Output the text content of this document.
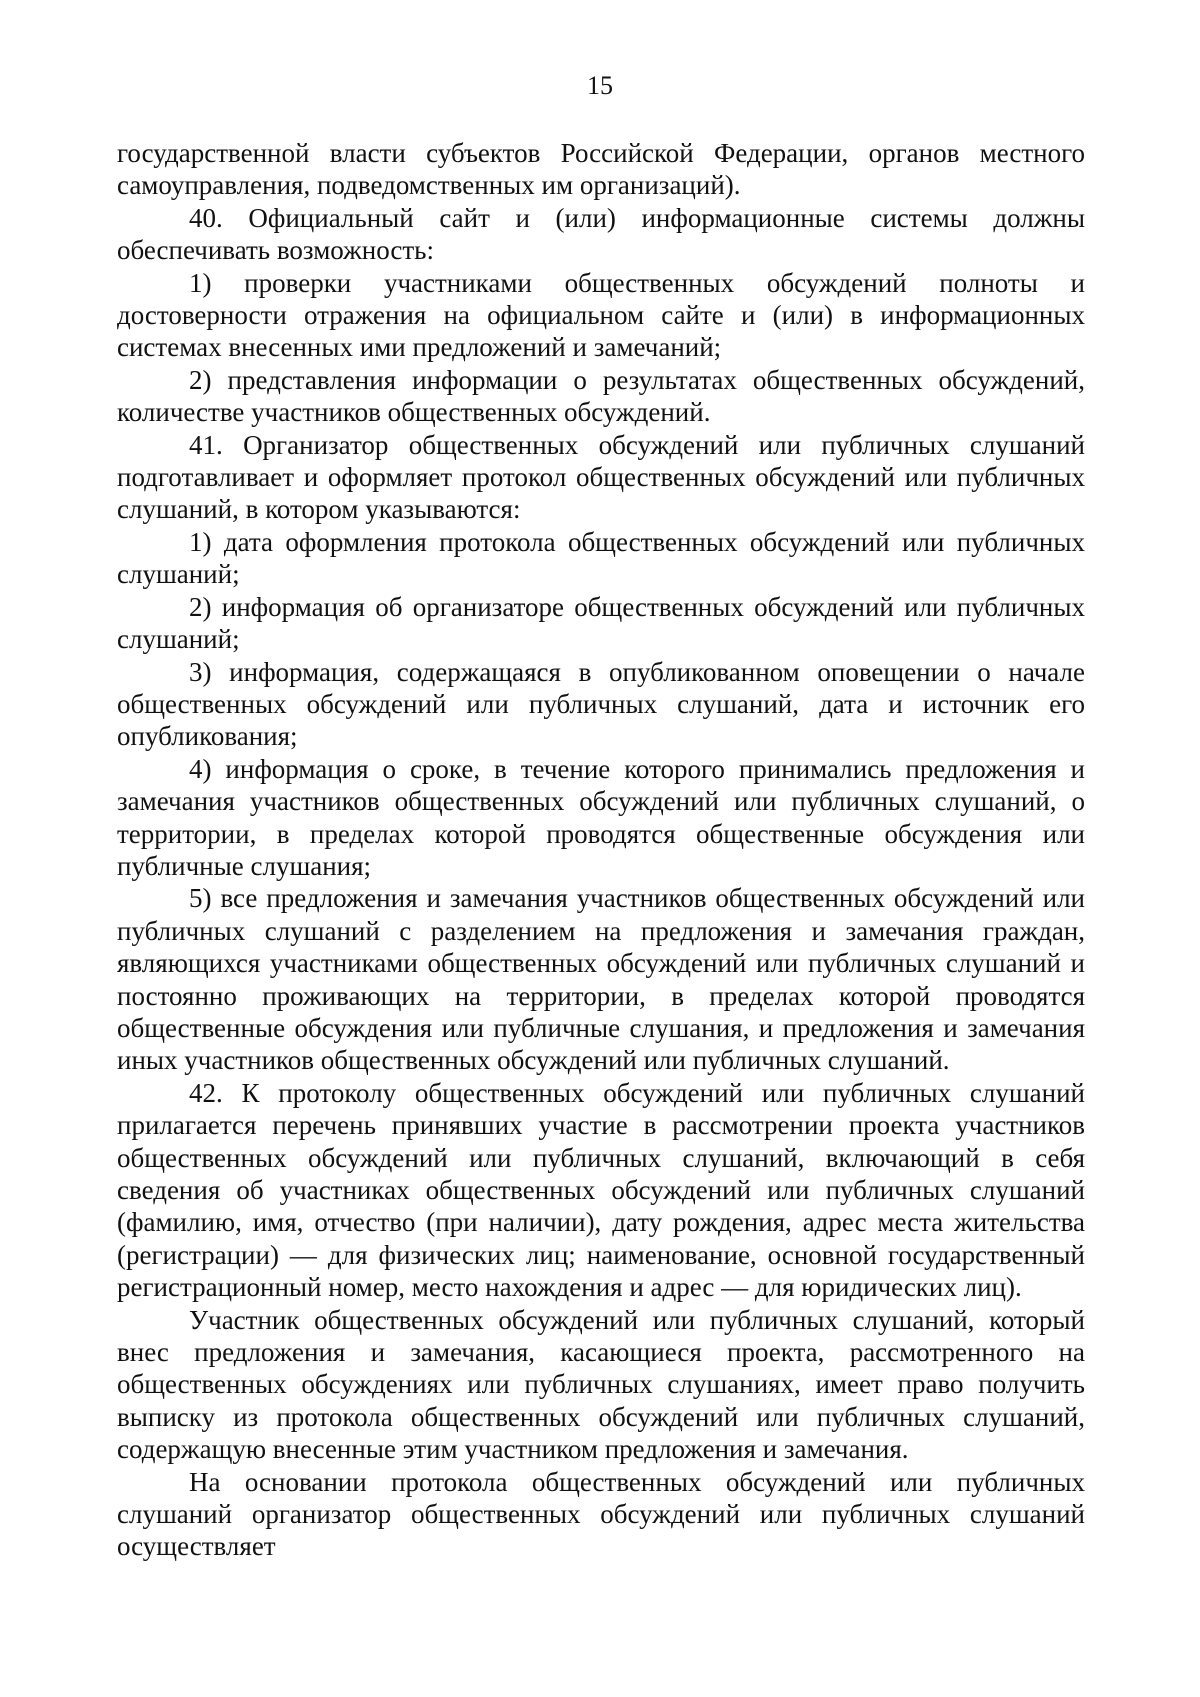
15

государственной власти субъектов Российской Федерации, органов местного самоуправления, подведомственных им организаций).

40. Официальный сайт и (или) информационные системы должны обеспечивать возможность:

1) проверки участниками общественных обсуждений полноты и достоверности отражения на официальном сайте и (или) в информационных системах внесенных ими предложений и замечаний;

2) представления информации о результатах общественных обсуждений, количестве участников общественных обсуждений.

41. Организатор общественных обсуждений или публичных слушаний подготавливает и оформляет протокол общественных обсуждений или публичных слушаний, в котором указываются:

1) дата оформления протокола общественных обсуждений или публичных слушаний;

2) информация об организаторе общественных обсуждений или публичных слушаний;

3) информация, содержащаяся в опубликованном оповещении о начале общественных обсуждений или публичных слушаний, дата и источник его опубликования;

4) информация о сроке, в течение которого принимались предложения и замечания участников общественных обсуждений или публичных слушаний, о территории, в пределах которой проводятся общественные обсуждения или публичные слушания;

5) все предложения и замечания участников общественных обсуждений или публичных слушаний с разделением на предложения и замечания граждан, являющихся участниками общественных обсуждений или публичных слушаний и постоянно проживающих на территории, в пределах которой проводятся общественные обсуждения или публичные слушания, и предложения и замечания иных участников общественных обсуждений или публичных слушаний.

42. К протоколу общественных обсуждений или публичных слушаний прилагается перечень принявших участие в рассмотрении проекта участников общественных обсуждений или публичных слушаний, включающий в себя сведения об участниках общественных обсуждений или публичных слушаний (фамилию, имя, отчество (при наличии), дату рождения, адрес места жительства (регистрации) — для физических лиц; наименование, основной государственный регистрационный номер, место нахождения и адрес — для юридических лиц).

Участник общественных обсуждений или публичных слушаний, который внес предложения и замечания, касающиеся проекта, рассмотренного на общественных обсуждениях или публичных слушаниях, имеет право получить выписку из протокола общественных обсуждений или публичных слушаний, содержащую внесенные этим участником предложения и замечания.

На основании протокола общественных обсуждений или публичных слушаний организатор общественных обсуждений или публичных слушаний осуществляет
